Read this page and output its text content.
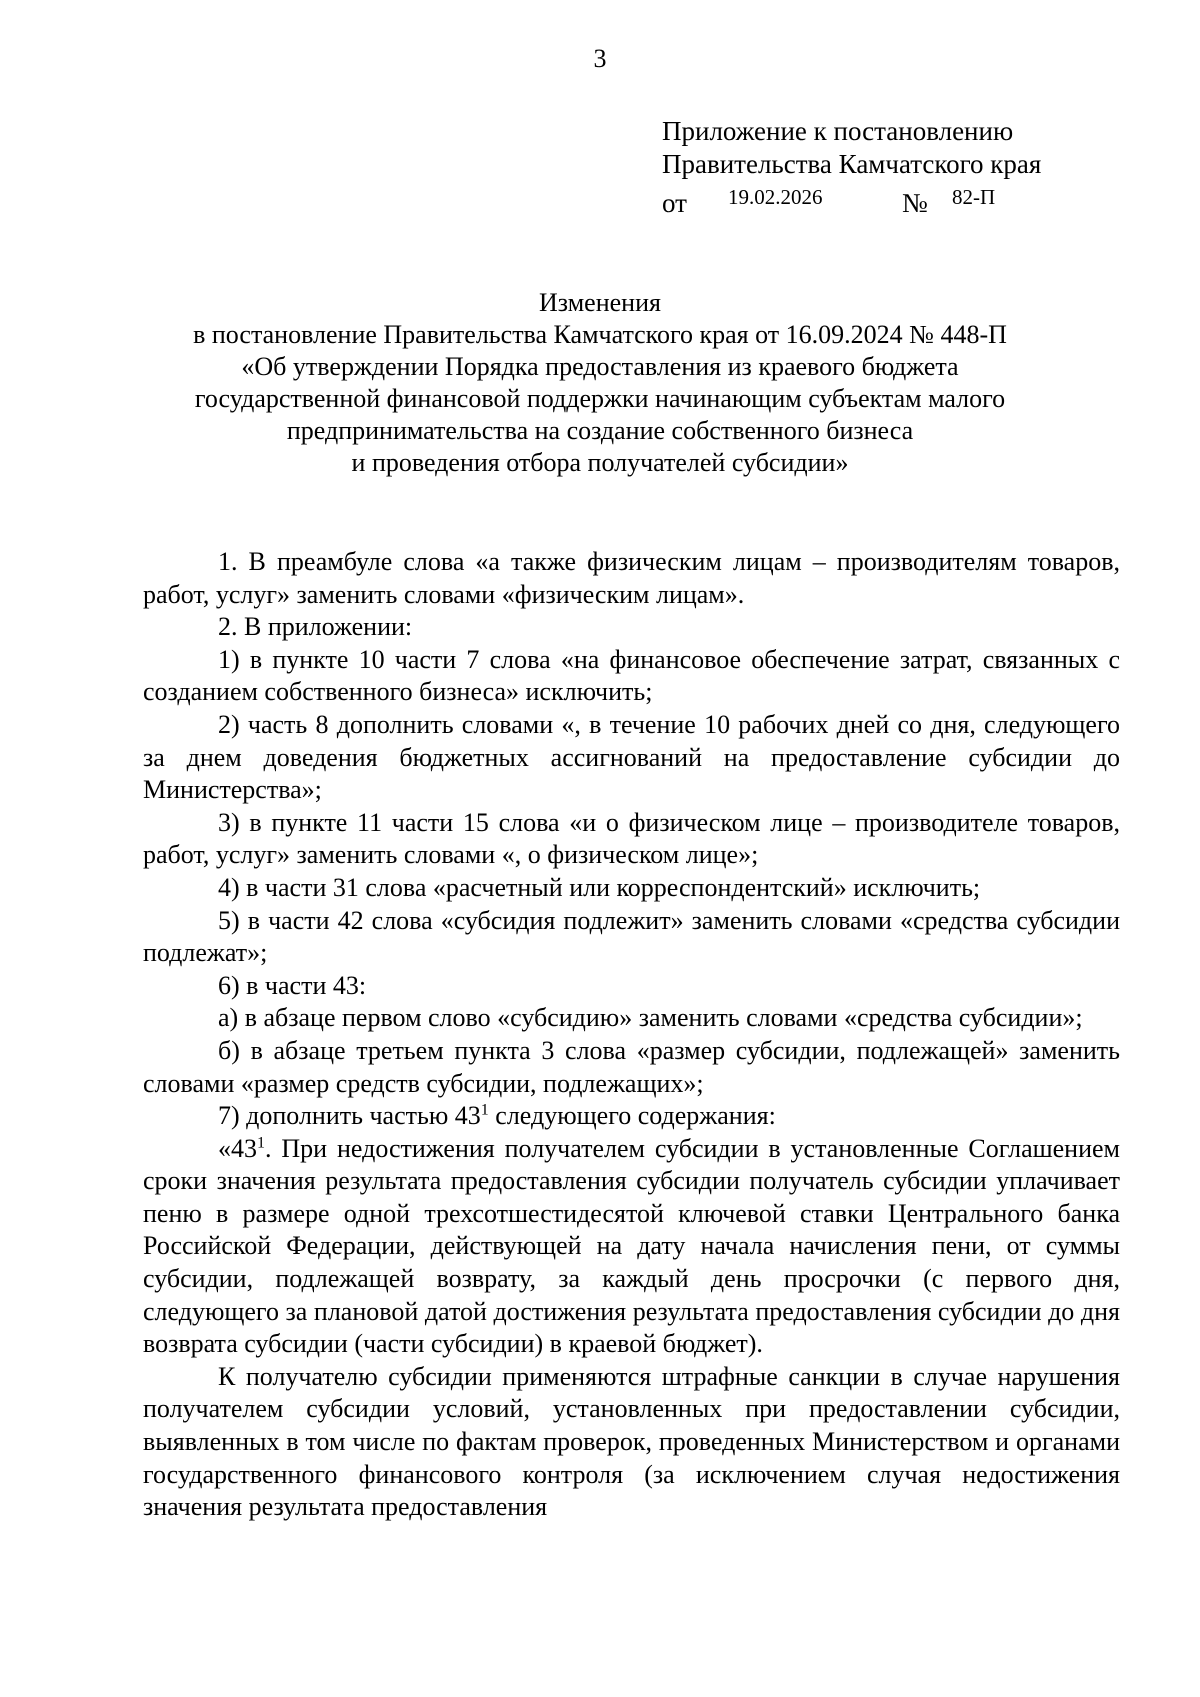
3
Приложение к постановлению
Правительства Камчатского края
от 19.02.2026	№ 82-П
Изменения
в постановление Правительства Камчатского края от 16.09.2024 № 448-П
«Об утверждении Порядка предоставления из краевого бюджета
государственной финансовой поддержки начинающим субъектам малого
предпринимательства на создание собственного бизнеса
и проведения отбора получателей субсидии»

1. В преамбуле слова «а также физическим лицам – производителям товаров, работ, услуг» заменить словами «физическим лицам».

2. В приложении:

1) в пункте 10 части 7 слова «на финансовое обеспечение затрат, связанных с созданием собственного бизнеса» исключить;

2) часть 8 дополнить словами «, в течение 10 рабочих дней со дня, следующего за днем доведения бюджетных ассигнований на предоставление субсидии до Министерства»;

3) в пункте 11 части 15 слова «и о физическом лице – производителе товаров, работ, услуг» заменить словами «, о физическом лице»;

4) в части 31 слова «расчетный или корреспондентский» исключить;

5) в части 42 слова «субсидия подлежит» заменить словами «средства субсидии подлежат»;

6) в части 43:

а) в абзаце первом слово «субсидию» заменить словами «средства субсидии»;

б) в абзаце третьем пункта 3 слова «размер субсидии, подлежащей» заменить словами «размер средств субсидии, подлежащих»;

7) дополнить частью $43^1$ следующего содержания:

«$43^1$. При недостижения получателем субсидии в установленные Соглашением сроки значения результата предоставления субсидии получатель субсидии уплачивает пеню в размере одной трехсотшестидесятой ключевой ставки Центрального банка Российской Федерации, действующей на дату начала начисления пени, от суммы субсидии, подлежащей возврату, за каждый день просрочки (с первого дня, следующего за плановой датой достижения результата предоставления субсидии до дня возврата субсидии (части субсидии) в краевой бюджет).

К получателю субсидии применяются штрафные санкции в случае нарушения получателем субсидии условий, установленных при предоставлении субсидии, выявленных в том числе по фактам проверок, проведенных Министерством и органами государственного финансового контроля (за исключением случая недостижения значения результата предоставления
